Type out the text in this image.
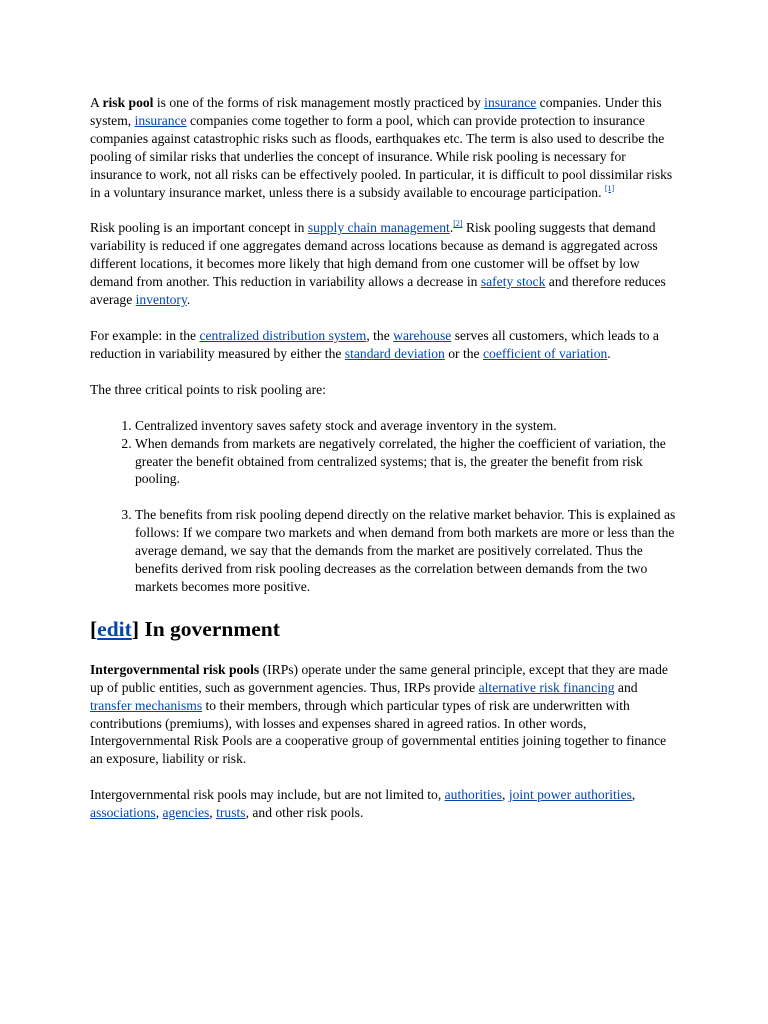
A risk pool is one of the forms of risk management mostly practiced by insurance companies. Under this system, insurance companies come together to form a pool, which can provide protection to insurance companies against catastrophic risks such as floods, earthquakes etc. The term is also used to describe the pooling of similar risks that underlies the concept of insurance. While risk pooling is necessary for insurance to work, not all risks can be effectively pooled. In particular, it is difficult to pool dissimilar risks in a voluntary insurance market, unless there is a subsidy available to encourage participation. [1]

Risk pooling is an important concept in supply chain management.[2] Risk pooling suggests that demand variability is reduced if one aggregates demand across locations because as demand is aggregated across different locations, it becomes more likely that high demand from one customer will be offset by low demand from another. This reduction in variability allows a decrease in safety stock and therefore reduces average inventory.

For example: in the centralized distribution system, the warehouse serves all customers, which leads to a reduction in variability measured by either the standard deviation or the coefficient of variation.

The three critical points to risk pooling are:

1. Centralized inventory saves safety stock and average inventory in the system.
2. When demands from markets are negatively correlated, the higher the coefficient of variation, the greater the benefit obtained from centralized systems; that is, the greater the benefit from risk pooling.
3. The benefits from risk pooling depend directly on the relative market behavior. This is explained as follows: If we compare two markets and when demand from both markets are more or less than the average demand, we say that the demands from the market are positively correlated. Thus the benefits derived from risk pooling decreases as the correlation between demands from the two markets becomes more positive.
[edit] In government

Intergovernmental risk pools (IRPs) operate under the same general principle, except that they are made up of public entities, such as government agencies. Thus, IRPs provide alternative risk financing and transfer mechanisms to their members, through which particular types of risk are underwritten with contributions (premiums), with losses and expenses shared in agreed ratios. In other words, Intergovernmental Risk Pools are a cooperative group of governmental entities joining together to finance an exposure, liability or risk.

Intergovernmental risk pools may include, but are not limited to, authorities, joint power authorities, associations, agencies, trusts, and other risk pools.
